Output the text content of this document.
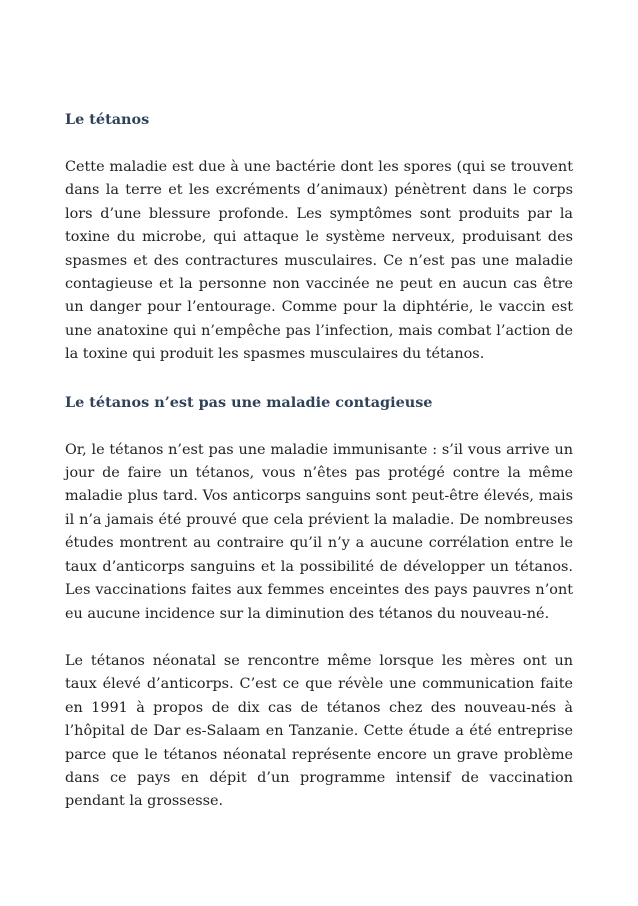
Le tétanos

Cette maladie est due à une bactérie dont les spores (qui se trouvent dans la terre et les excréments d’animaux) pénètrent dans le corps lors d’une blessure profonde. Les symptômes sont produits par la toxine du microbe, qui attaque le système nerveux, produisant des spasmes et des contractures musculaires. Ce n’est pas une maladie contagieuse et la personne non vaccinée ne peut en aucun cas être un danger pour l’entourage. Comme pour la diphtérie, le vaccin est une anatoxine qui n’empêche pas l’infection, mais combat l’action de la toxine qui produit les spasmes musculaires du tétanos.

Le tétanos n’est pas une maladie contagieuse

Or, le tétanos n’est pas une maladie immunisante : s’il vous arrive un jour de faire un tétanos, vous n’êtes pas protégé contre la même maladie plus tard. Vos anticorps sanguins sont peut-être élevés, mais il n’a jamais été prouvé que cela prévient la maladie. De nombreuses études montrent au contraire qu’il n’y a aucune corrélation entre le taux d’anticorps sanguins et la possibilité de développer un tétanos. Les vaccinations faites aux femmes enceintes des pays pauvres n’ont eu aucune incidence sur la diminution des tétanos du nouveau-né.

Le tétanos néonatal se rencontre même lorsque les mères ont un taux élevé d’anticorps. C’est ce que révèle une communication faite en 1991 à propos de dix cas de tétanos chez des nouveau-nés à l’hôpital de Dar es-Salaam en Tanzanie. Cette étude a été entreprise parce que le tétanos néonatal représente encore un grave problème dans ce pays en dépit d’un programme intensif de vaccination pendant la grossesse.
